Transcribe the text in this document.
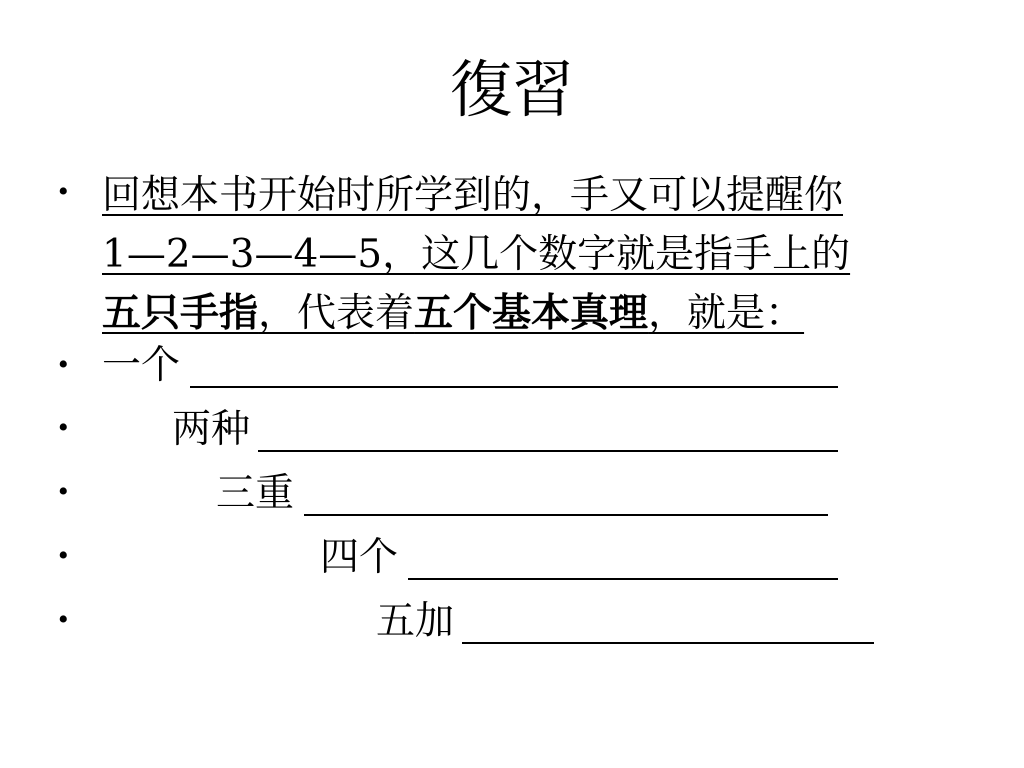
復習
•
•
•
•
•
•
回想本书开始时所学到的，手又可以提醒你
1—2—3—4—5，这几个数字就是指手上的
五只手指，代表着五个基本真理，就是：
一个
两种
三重
四个
五加
